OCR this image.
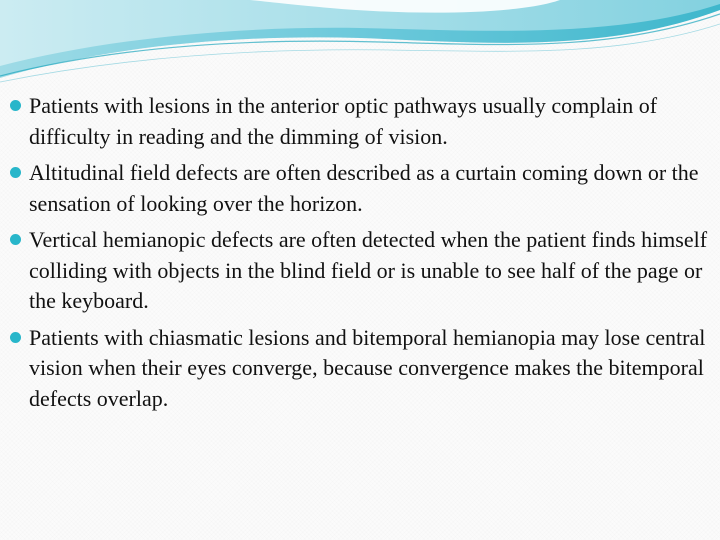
Patients with lesions in the anterior optic pathways usually complain of difficulty in reading and the dimming of vision.
Altitudinal field defects are often described as a curtain coming down or the sensation of looking over the horizon.
Vertical hemianopic defects are often detected when the patient finds himself colliding with objects in the blind field or is unable to see half of the page or the keyboard.
Patients with chiasmatic lesions and bitemporal hemianopia may lose central vision when their eyes converge, because convergence makes the bitemporal defects overlap.
